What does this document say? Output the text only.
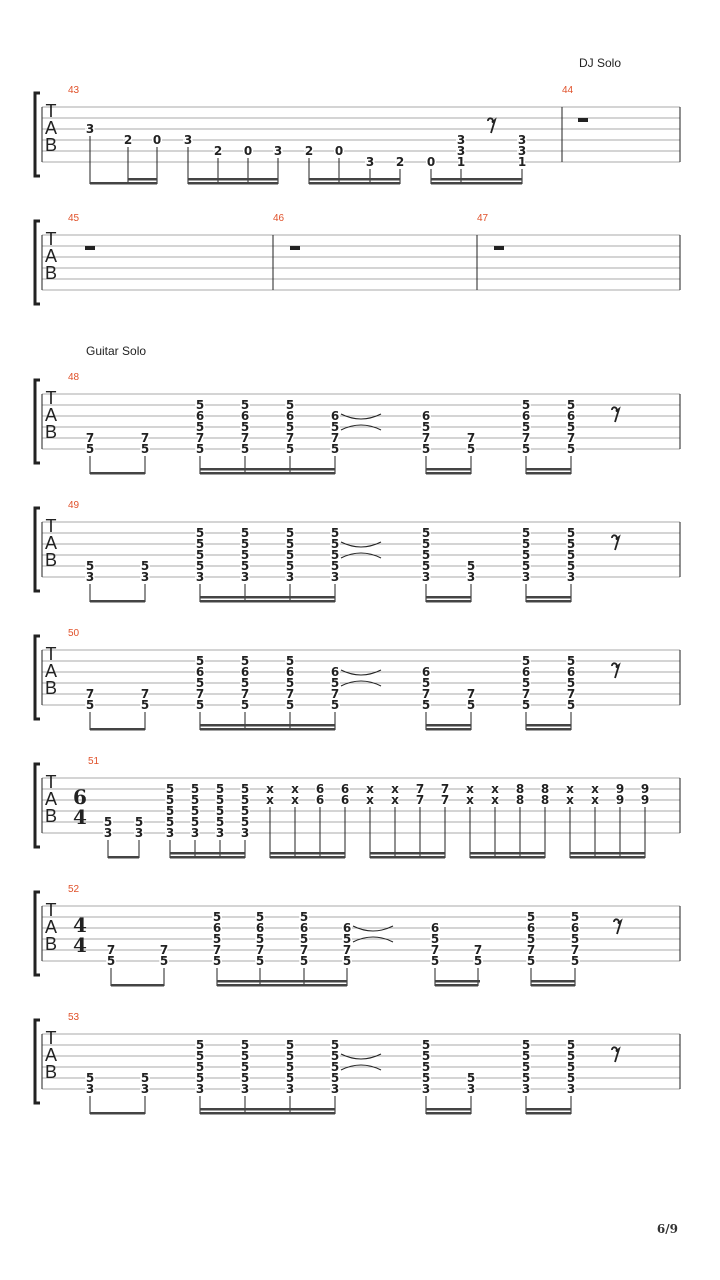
DJ Solo
Guitar Solo
6/9
T
A
B
43	44
3
2 0 3
2 0 3 2 0
3 2 0
3
3
1
3
3
1
T
A
B
45	46	47
T
A
B
48
7
5
7
5
5
6
5
7
5
5
6
5
7
5
5
6
5
7
5
6
5
7
5
6
5
7
5
7
5
5
6
5
7
5
5
6
5
7
5
T
A
B
49
5
3
5
3
5
5
5
5
3
5
5
5
5
3
5
5
5
5
3
5
5
5
5
3
5
5
5
5
3
5
3
5
5
5
5
3
5
5
5
5
3
T
A
B
50
7
5
7
5
5
6
5
7
5
5
6
5
7
5
5
6
5
7
5
6
5
7
5
6
5
7
5
7
5
5
6
5
7
5
5
6
5
7
5
T
A
B
51
6
4 5
3
5
3
5
5
5
5
3
5
5
5
5
3
5
5
5
5
3
5
5
5
5
3
x
x
x
x
6
6
6
6
x
x
x
x
7
7
7
7
x
x
x
x
8
8
8
8
x
x
x
x
9
9
9
9
T
A
B
52
4
4 7
5
7
5
5
6
5
7
5
5
6
5
7
5
5
6
5
7
5
6
5
7
5
6
5
7
5
7
5
5
6
5
7
5
5
6
5
7
5
T
A
B
53
5
3
5
3
5
5
5
5
3
5
5
5
5
3
5
5
5
5
3
5
5
5
5
3
5
5
5
5
3
5
3
5
5
5
5
3
5
5
5
5
3
